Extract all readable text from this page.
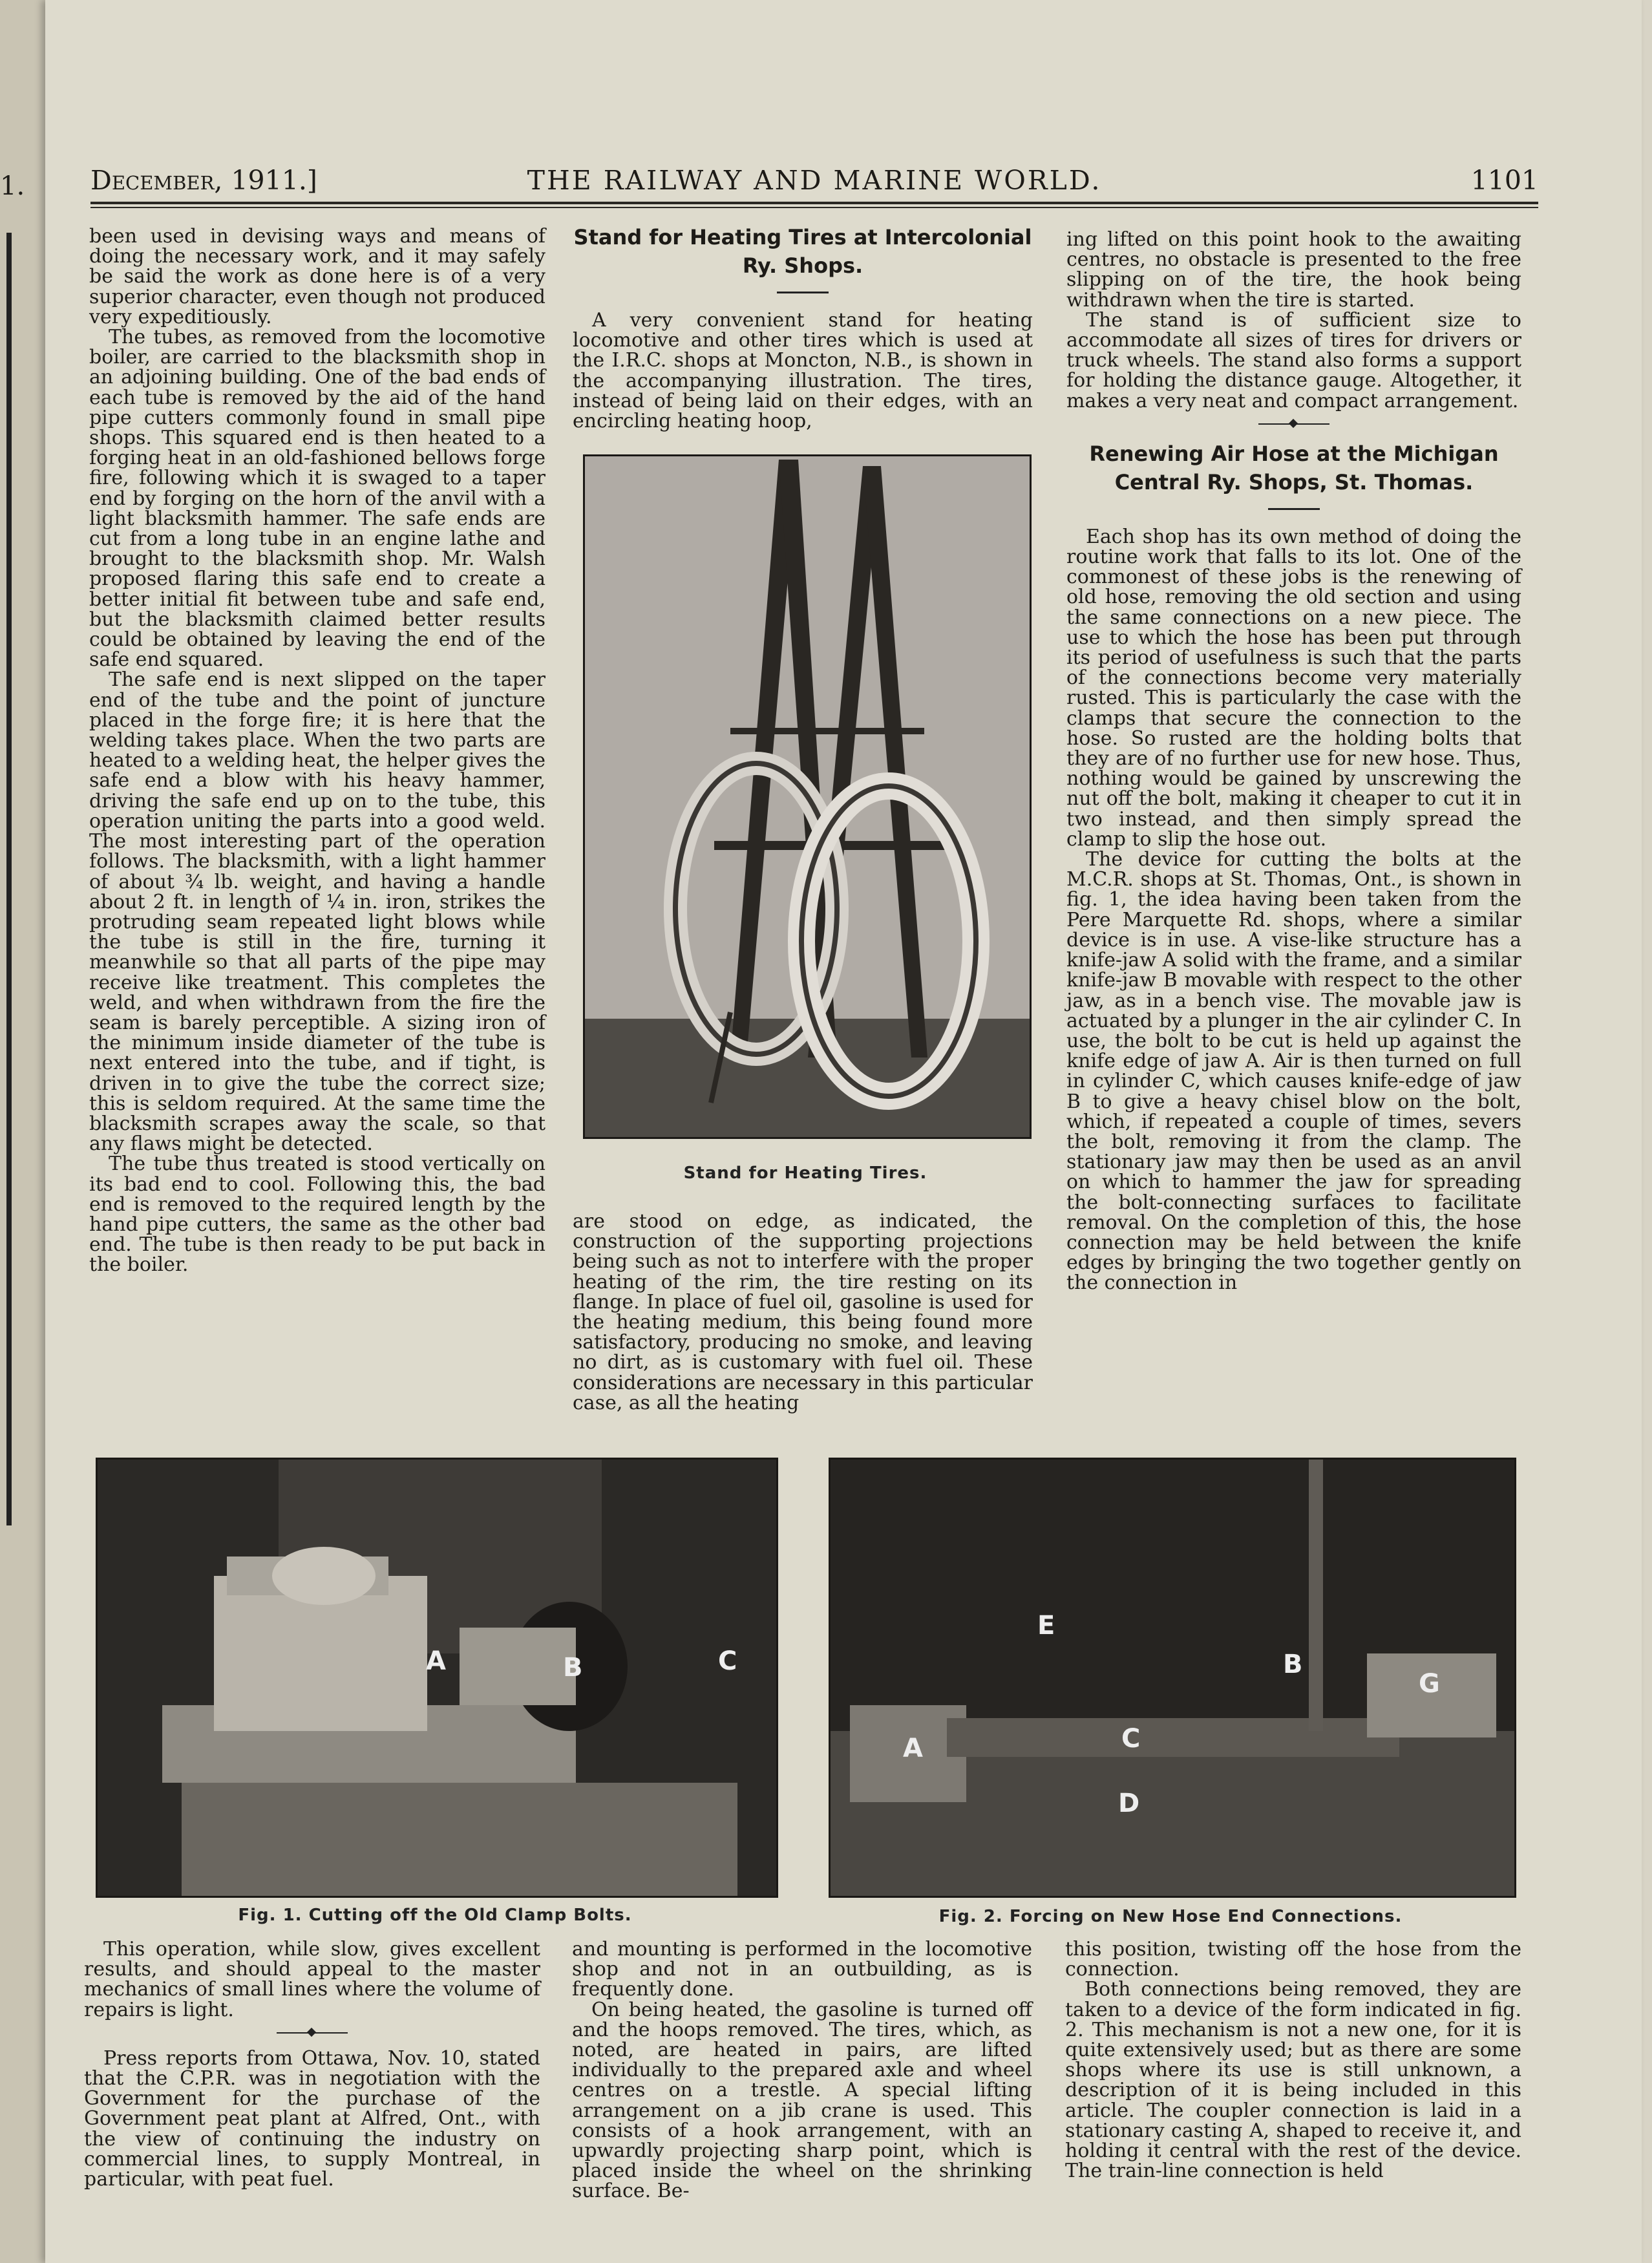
1. December, 1911.]	THE RAILWAY AND MARINE WORLD.	1101

been used in devising ways and means of doing the necessary work, and it may safely be said the work as done here is of a very superior character, even though not produced very expeditiously.

The tubes, as removed from the locomotive boiler, are carried to the blacksmith shop in an adjoining building. One of the bad ends of each tube is removed by the aid of the hand pipe cutters commonly found in small pipe shops. This squared end is then heated to a forging heat in an old-fashioned bellows forge fire, following which it is swaged to a taper end by forging on the horn of the anvil with a light blacksmith hammer. The safe ends are cut from a long tube in an engine lathe and brought to the blacksmith shop. Mr. Walsh proposed flaring this safe end to create a better initial fit between tube and safe end, but the blacksmith claimed better results could be obtained by leaving the end of the safe end squared.

The safe end is next slipped on the taper end of the tube and the point of juncture placed in the forge fire; it is here that the welding takes place. When the two parts are heated to a welding heat, the helper gives the safe end a blow with his heavy hammer, driving the safe end up on to the tube, this operation uniting the parts into a good weld. The most interesting part of the operation follows. The blacksmith, with a light hammer of about ¾ lb. weight, and having a handle about 2 ft. in length of ¼ in. iron, strikes the protruding seam repeated light blows while the tube is still in the fire, turning it meanwhile so that all parts of the pipe may receive like treatment. This completes the weld, and when withdrawn from the fire the seam is barely perceptible. A sizing iron of the minimum inside diameter of the tube is next entered into the tube, and if tight, is driven in to give the tube the correct size; this is seldom required. At the same time the blacksmith scrapes away the scale, so that any flaws might be detected.

The tube thus treated is stood vertically on its bad end to cool. Following this, the bad end is removed to the required length by the hand pipe cutters, the same as the other bad end. The tube is then ready to be put back in the boiler.

Stand for Heating Tires at Intercolonial Ry. Shops.

A very convenient stand for heating locomotive and other tires which is used at the I.R.C. shops at Moncton, N.B., is shown in the accompanying illustration. The tires, instead of being laid on their edges, with an encircling heating hoop,

Stand for Heating Tires.

are stood on edge, as indicated, the construction of the supporting projections being such as not to interfere with the proper heating of the rim, the tire resting on its flange. In place of fuel oil, gasoline is used for the heating medium, this being found more satisfactory, producing no smoke, and leaving no dirt, as is customary with fuel oil. These considerations are necessary in this particular case, as all the heating

ing lifted on this point hook to the awaiting centres, no obstacle is presented to the free slipping on of the tire, the hook being withdrawn when the tire is started.

The stand is of sufficient size to accommodate all sizes of tires for drivers or truck wheels. The stand also forms a support for holding the distance gauge. Altogether, it makes a very neat and compact arrangement.

Renewing Air Hose at the Michigan Central Ry. Shops, St. Thomas.

Each shop has its own method of doing the routine work that falls to its lot. One of the commonest of these jobs is the renewing of old hose, removing the old section and using the same connections on a new piece. The use to which the hose has been put through its period of usefulness is such that the parts of the connections become very materially rusted. This is particularly the case with the clamps that secure the connection to the hose. So rusted are the holding bolts that they are of no further use for new hose. Thus, nothing would be gained by unscrewing the nut off the bolt, making it cheaper to cut it in two instead, and then simply spread the clamp to slip the hose out.

The device for cutting the bolts at the M.C.R. shops at St. Thomas, Ont., is shown in fig. 1, the idea having been taken from the Pere Marquette Rd. shops, where a similar device is in use. A vise-like structure has a knife-jaw A solid with the frame, and a similar knife-jaw B movable with respect to the other jaw, as in a bench vise. The movable jaw is actuated by a plunger in the air cylinder C. In use, the bolt to be cut is held up against the knife edge of jaw A. Air is then turned on full in cylinder C, which causes knife-edge of jaw B to give a heavy chisel blow on the bolt, which, if repeated a couple of times, severs the bolt, removing it from the clamp. The stationary jaw may then be used as an anvil on which to hammer the jaw for spreading the bolt-connecting surfaces to facilitate removal. On the completion of this, the hose connection may be held between the knife edges by bringing the two together gently on the connection in

A	B	C
Fig. 1. Cutting off the Old Clamp Bolts.
E
B
G
A	C
D
Fig. 2. Forcing on New Hose End Connections.

This operation, while slow, gives excellent results, and should appeal to the master mechanics of small lines where the volume of repairs is light.

Press reports from Ottawa, Nov. 10, stated that the C.P.R. was in negotiation with the Government for the purchase of the Government peat plant at Alfred, Ont., with the view of continuing the industry on commercial lines, to supply Montreal, in particular, with peat fuel.

and mounting is performed in the locomotive shop and not in an outbuilding, as is frequently done.

On being heated, the gasoline is turned off and the hoops removed. The tires, which, as noted, are heated in pairs, are lifted individually to the prepared axle and wheel centres on a trestle. A special lifting arrangement on a jib crane is used. This consists of a hook arrangement, with an upwardly projecting sharp point, which is placed inside the wheel on the shrinking surface. Be-

this position, twisting off the hose from the connection.

Both connections being removed, they are taken to a device of the form indicated in fig. 2. This mechanism is not a new one, for it is quite extensively used; but as there are some shops where its use is still unknown, a description of it is being included in this article. The coupler connection is laid in a stationary casting A, shaped to receive it, and holding it central with the rest of the device. The train-line connection is held
